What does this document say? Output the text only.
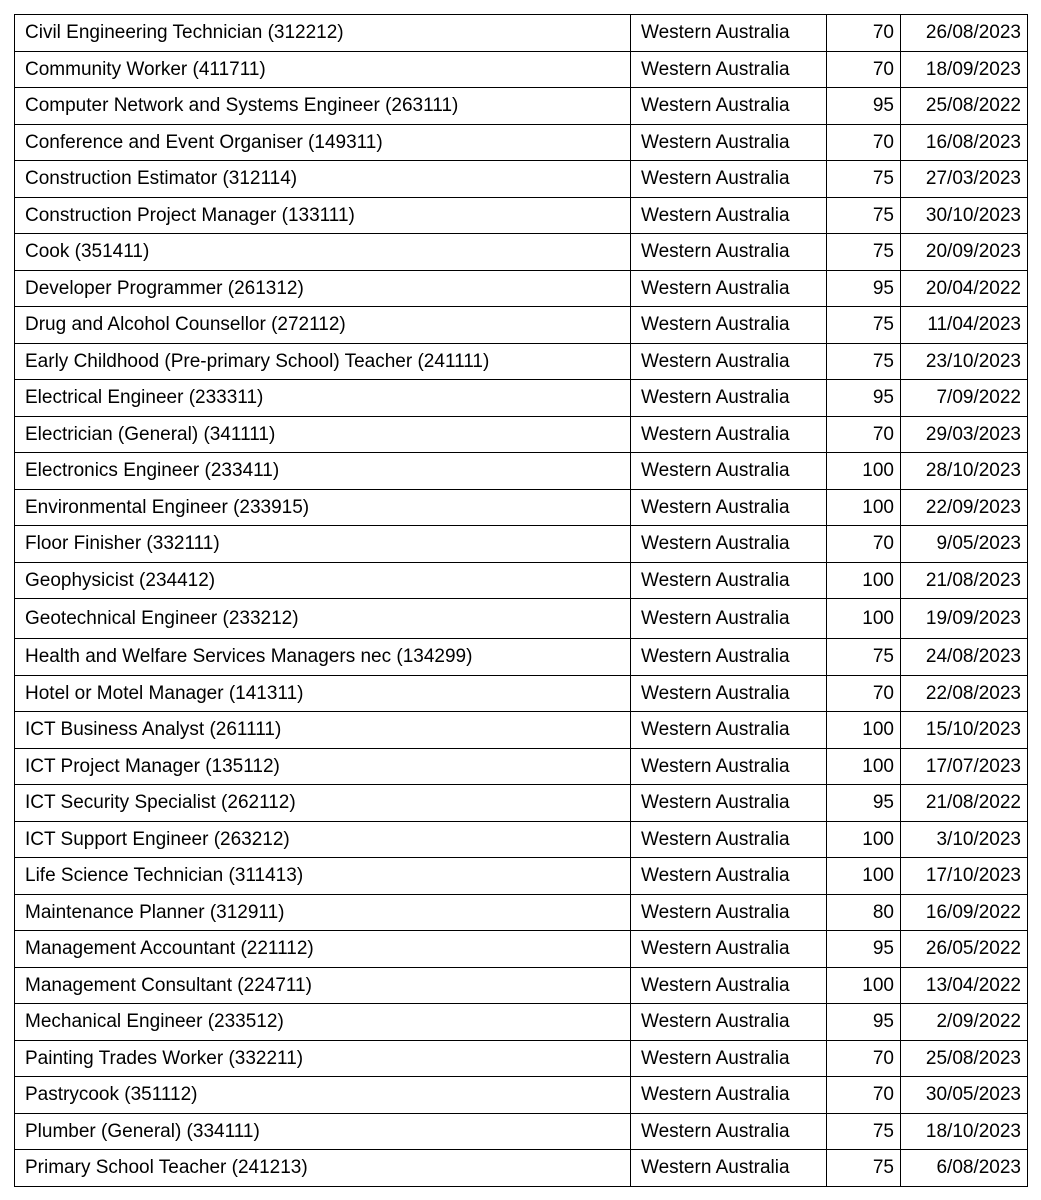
Civil Engineering Technician (312212)	Western Australia	70	26/08/2023
Community Worker (411711)	Western Australia	70	18/09/2023
Computer Network and Systems Engineer (263111)	Western Australia	95	25/08/2022
Conference and Event Organiser (149311)	Western Australia	70	16/08/2023
Construction Estimator (312114)	Western Australia	75	27/03/2023
Construction Project Manager (133111)	Western Australia	75	30/10/2023
Cook (351411)	Western Australia	75	20/09/2023
Developer Programmer (261312)	Western Australia	95	20/04/2022
Drug and Alcohol Counsellor (272112)	Western Australia	75	11/04/2023
Early Childhood (Pre-primary School) Teacher (241111)	Western Australia	75	23/10/2023
Electrical Engineer (233311)	Western Australia	95	7/09/2022
Electrician (General) (341111)	Western Australia	70	29/03/2023
Electronics Engineer (233411)	Western Australia	100	28/10/2023
Environmental Engineer (233915)	Western Australia	100	22/09/2023
Floor Finisher (332111)	Western Australia	70	9/05/2023
Geophysicist (234412)	Western Australia	100	21/08/2023
Geotechnical Engineer (233212)	Western Australia	100	19/09/2023
Health and Welfare Services Managers nec (134299)	Western Australia	75	24/08/2023
Hotel or Motel Manager (141311)	Western Australia	70	22/08/2023
ICT Business Analyst (261111)	Western Australia	100	15/10/2023
ICT Project Manager (135112)	Western Australia	100	17/07/2023
ICT Security Specialist (262112)	Western Australia	95	21/08/2022
ICT Support Engineer (263212)	Western Australia	100	3/10/2023
Life Science Technician (311413)	Western Australia	100	17/10/2023
Maintenance Planner (312911)	Western Australia	80	16/09/2022
Management Accountant (221112)	Western Australia	95	26/05/2022
Management Consultant (224711)	Western Australia	100	13/04/2022
Mechanical Engineer (233512)	Western Australia	95	2/09/2022
Painting Trades Worker (332211)	Western Australia	70	25/08/2023
Pastrycook (351112)	Western Australia	70	30/05/2023
Plumber (General) (334111)	Western Australia	75	18/10/2023
Primary School Teacher (241213)	Western Australia	75	6/08/2023
